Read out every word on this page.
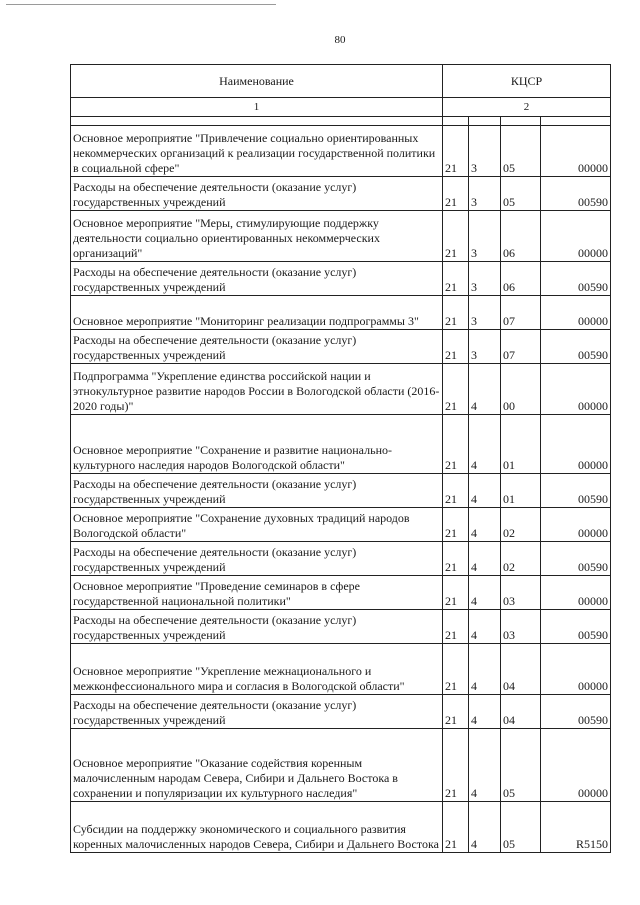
80
Наименование	КЦСР			
1	2			

Основное мероприятие "Привлечение социально ориентированных некоммерческих организаций к реализации государственной политики в социальной сфере"	21	3	05	00000
Расходы на обеспечение деятельности (оказание услуг) государственных учреждений	21	3	05	00590
Основное мероприятие "Меры, стимулирующие поддержку деятельности социально ориентированных некоммерческих организаций"	21	3	06	00000
Расходы на обеспечение деятельности (оказание услуг) государственных учреждений	21	3	06	00590
Основное мероприятие "Мониторинг реализации подпрограммы 3"	21	3	07	00000
Расходы на обеспечение деятельности (оказание услуг) государственных учреждений	21	3	07	00590
Подпрограмма "Укрепление единства российской нации и этнокультурное развитие народов России в Вологодской области (2016-2020 годы)"	21	4	00	00000
Основное мероприятие "Сохранение и развитие национально-культурного наследия народов Вологодской области"	21	4	01	00000
Расходы на обеспечение деятельности (оказание услуг) государственных учреждений	21	4	01	00590
Основное мероприятие "Сохранение духовных традиций народов Вологодской области"	21	4	02	00000
Расходы на обеспечение деятельности (оказание услуг) государственных учреждений	21	4	02	00590
Основное мероприятие "Проведение семинаров в сфере государственной национальной политики"	21	4	03	00000
Расходы на обеспечение деятельности (оказание услуг) государственных учреждений	21	4	03	00590
Основное мероприятие "Укрепление межнационального и межконфессионального мира и согласия в Вологодской области"	21	4	04	00000
Расходы на обеспечение деятельности (оказание услуг) государственных учреждений	21	4	04	00590
Основное мероприятие "Оказание содействия коренным малочисленным народам Севера, Сибири и Дальнего Востока в сохранении и популяризации их культурного наследия"	21	4	05	00000
Субсидии на поддержку экономического и социального развития коренных малочисленных народов Севера, Сибири и Дальнего Востока	21	4	05	R5150
